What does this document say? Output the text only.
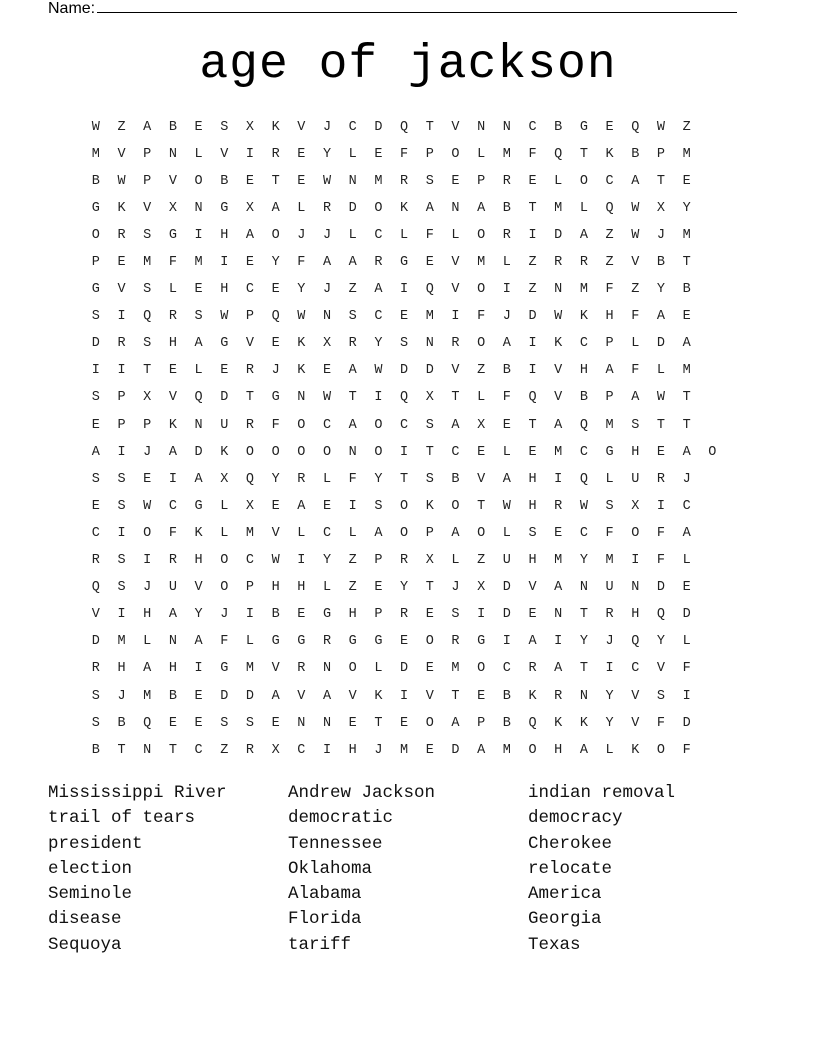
Name:
age of jackson
W	Z	A	B	E	S	X	K	V	J	C	D	Q	T	V	N	N	C	B	G	E	Q	W	Z
M	V	P	N	L	V	I	R	E	Y	L	E	F	P	O	L	M	F	Q	T	K	B	P	M
B	W	P	V	O	B	E	T	E	W	N	M	R	S	E	P	R	E	L	O	C	A	T	E
G	K	V	X	N	G	X	A	L	R	D	O	K	A	N	A	B	T	M	L	Q	W	X	Y
O	R	S	G	I	H	A	O	J	J	L	C	L	F	L	O	R	I	D	A	Z	W	J	M
P	E	M	F	M	I	E	Y	F	A	A	R	G	E	V	M	L	Z	R	R	Z	V	B	T
G	V	S	L	E	H	C	E	Y	J	Z	A	I	Q	V	O	I	Z	N	M	F	Z	Y	B
S	I	Q	R	S	W	P	Q	W	N	S	C	E	M	I	F	J	D	W	K	H	F	A	E
D	R	S	H	A	G	V	E	K	X	R	Y	S	N	R	O	A	I	K	C	P	L	D	A
I	I	T	E	L	E	R	J	K	E	A	W	D	D	V	Z	B	I	V	H	A	F	L	M
S	P	X	V	Q	D	T	G	N	W	T	I	Q	X	T	L	F	Q	V	B	P	A	W	T
E	P	P	K	N	U	R	F	O	C	A	O	C	S	A	X	E	T	A	Q	M	S	T	T
A	I	J	A	D	K	O	O	O	O	N	O	I	T	C	E	L	E	M	C	G	H	E	A	O
S	S	E	I	A	X	Q	Y	R	L	F	Y	T	S	B	V	A	H	I	Q	L	U	R	J
E	S	W	C	G	L	X	E	A	E	I	S	O	K	O	T	W	H	R	W	S	X	I	C
C	I	O	F	K	L	M	V	L	C	L	A	O	P	A	O	L	S	E	C	F	O	F	A
R	S	I	R	H	O	C	W	I	Y	Z	P	R	X	L	Z	U	H	M	Y	M	I	F	L
Q	S	J	U	V	O	P	H	H	L	Z	E	Y	T	J	X	D	V	A	N	U	N	D	E
V	I	H	A	Y	J	I	B	E	G	H	P	R	E	S	I	D	E	N	T	R	H	Q	D
D	M	L	N	A	F	L	G	G	R	G	G	E	O	R	G	I	A	I	Y	J	Q	Y	L
R	H	A	H	I	G	M	V	R	N	O	L	D	E	M	O	C	R	A	T	I	C	V	F
S	J	M	B	E	D	D	A	V	A	V	K	I	V	T	E	B	K	R	N	Y	V	S	I
S	B	Q	E	E	S	S	E	N	N	E	T	E	O	A	P	B	Q	K	K	Y	V	F	D
B	T	N	T	C	Z	R	X	C	I	H	J	M	E	D	A	M	O	H	A	L	K	O	F
Mississippi River
trail of tears
president
election
Seminole
disease
Sequoya
Andrew Jackson
democratic
Tennessee
Oklahoma
Alabama
Florida
tariff
indian removal
democracy
Cherokee
relocate
America
Georgia
Texas
